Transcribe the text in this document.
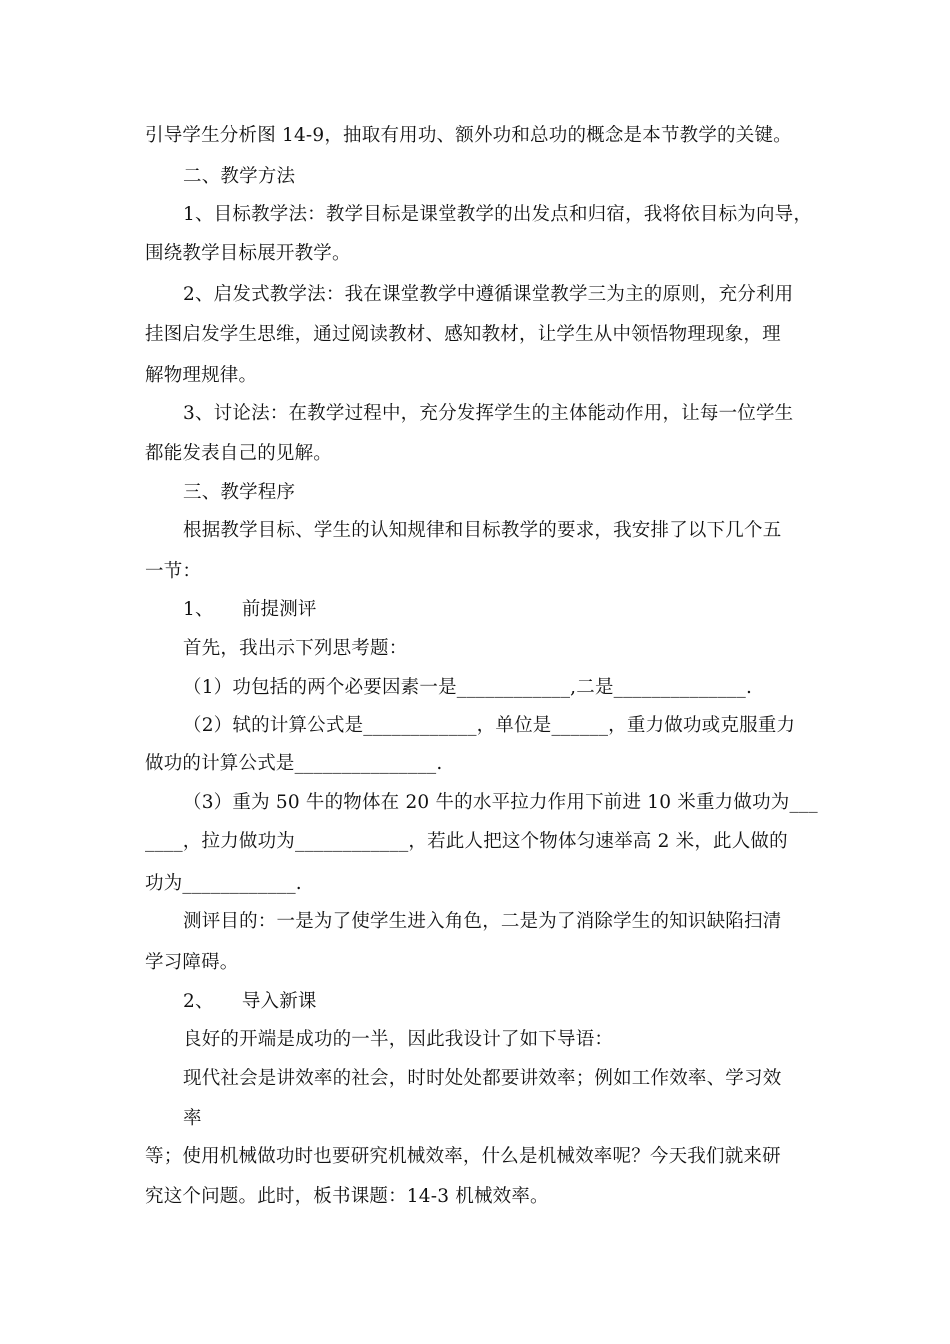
引导学生分析图 14-9，抽取有用功、额外功和总功的概念是本节教学的关键。
二、教学方法
1、目标教学法：教学目标是课堂教学的出发点和归宿，我将依目标为向导，
围绕教学目标展开教学。
2、启发式教学法：我在课堂教学中遵循课堂教学三为主的原则，充分利用
挂图启发学生思维，通过阅读教材、感知教材，让学生从中领悟物理现象，理
解物理规律。
3、讨论法：在教学过程中，充分发挥学生的主体能动作用，让每一位学生
都能发表自己的见解。
三、教学程序
根据教学目标、学生的认知规律和目标教学的要求，我安排了以下几个五
一节：
1、　　前提测评
首先，我出示下列思考题：
（1）功包括的两个必要因素一是____________,二是______________.
（2）轼的计算公式是____________，单位是______，重力做功或克服重力
做功的计算公式是_______________.
（3）重为 50 牛的物体在 20 牛的水平拉力作用下前进 10 米重力做功为___
____，拉力做功为____________，若此人把这个物体匀速举高 2 米，此人做的
功为____________.
测评目的：一是为了使学生进入角色，二是为了消除学生的知识缺陷扫清
学习障碍。
2、　　导入新课
良好的开端是成功的一半，因此我设计了如下导语：
现代社会是讲效率的社会，时时处处都要讲效率；例如工作效率、学习效
率
等；使用机械做功时也要研究机械效率，什么是机械效率呢？今天我们就来研
究这个问题。此时，板书课题：14-3 机械效率。
